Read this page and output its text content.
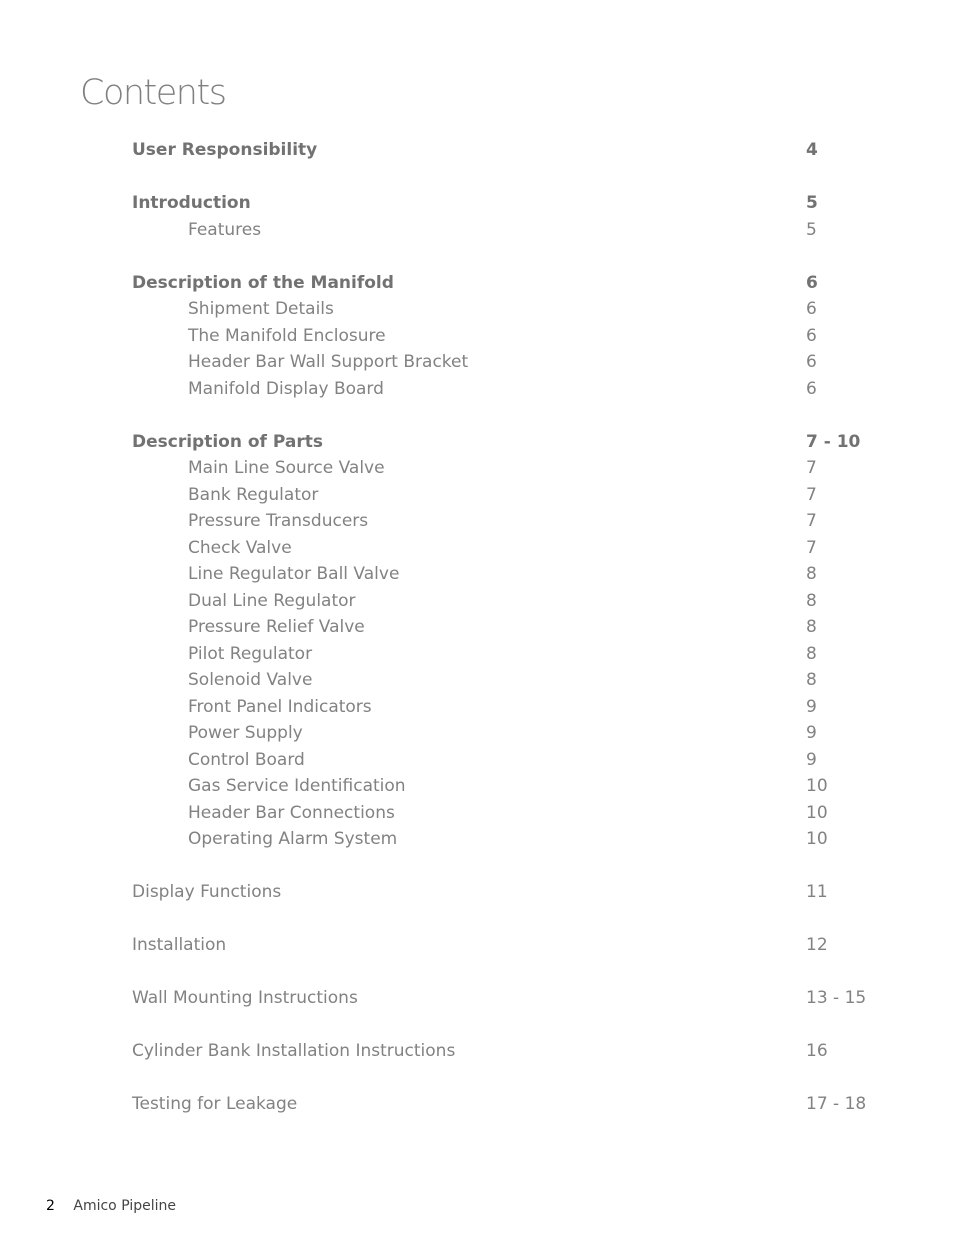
Contents
User Responsibility	4
Introduction	5
Features	5
Description of the Manifold	6
Shipment Details	6
The Manifold Enclosure	6
Header Bar Wall Support Bracket	6
Manifold Display Board	6
Description of Parts	7 - 10
Main Line Source Valve	7
Bank Regulator	7
Pressure Transducers	7
Check Valve	7
Line Regulator Ball Valve	8
Dual Line Regulator	8
Pressure Relief Valve	8
Pilot Regulator	8
Solenoid Valve	8
Front Panel Indicators	9
Power Supply	9
Control Board	9
Gas Service Identification	10
Header Bar Connections	10
Operating Alarm System	10
Display Functions	11
Installation	12
Wall Mounting Instructions	13 - 15
Cylinder Bank Installation Instructions	16
Testing for Leakage	17 - 18
2 Amico Pipeline
